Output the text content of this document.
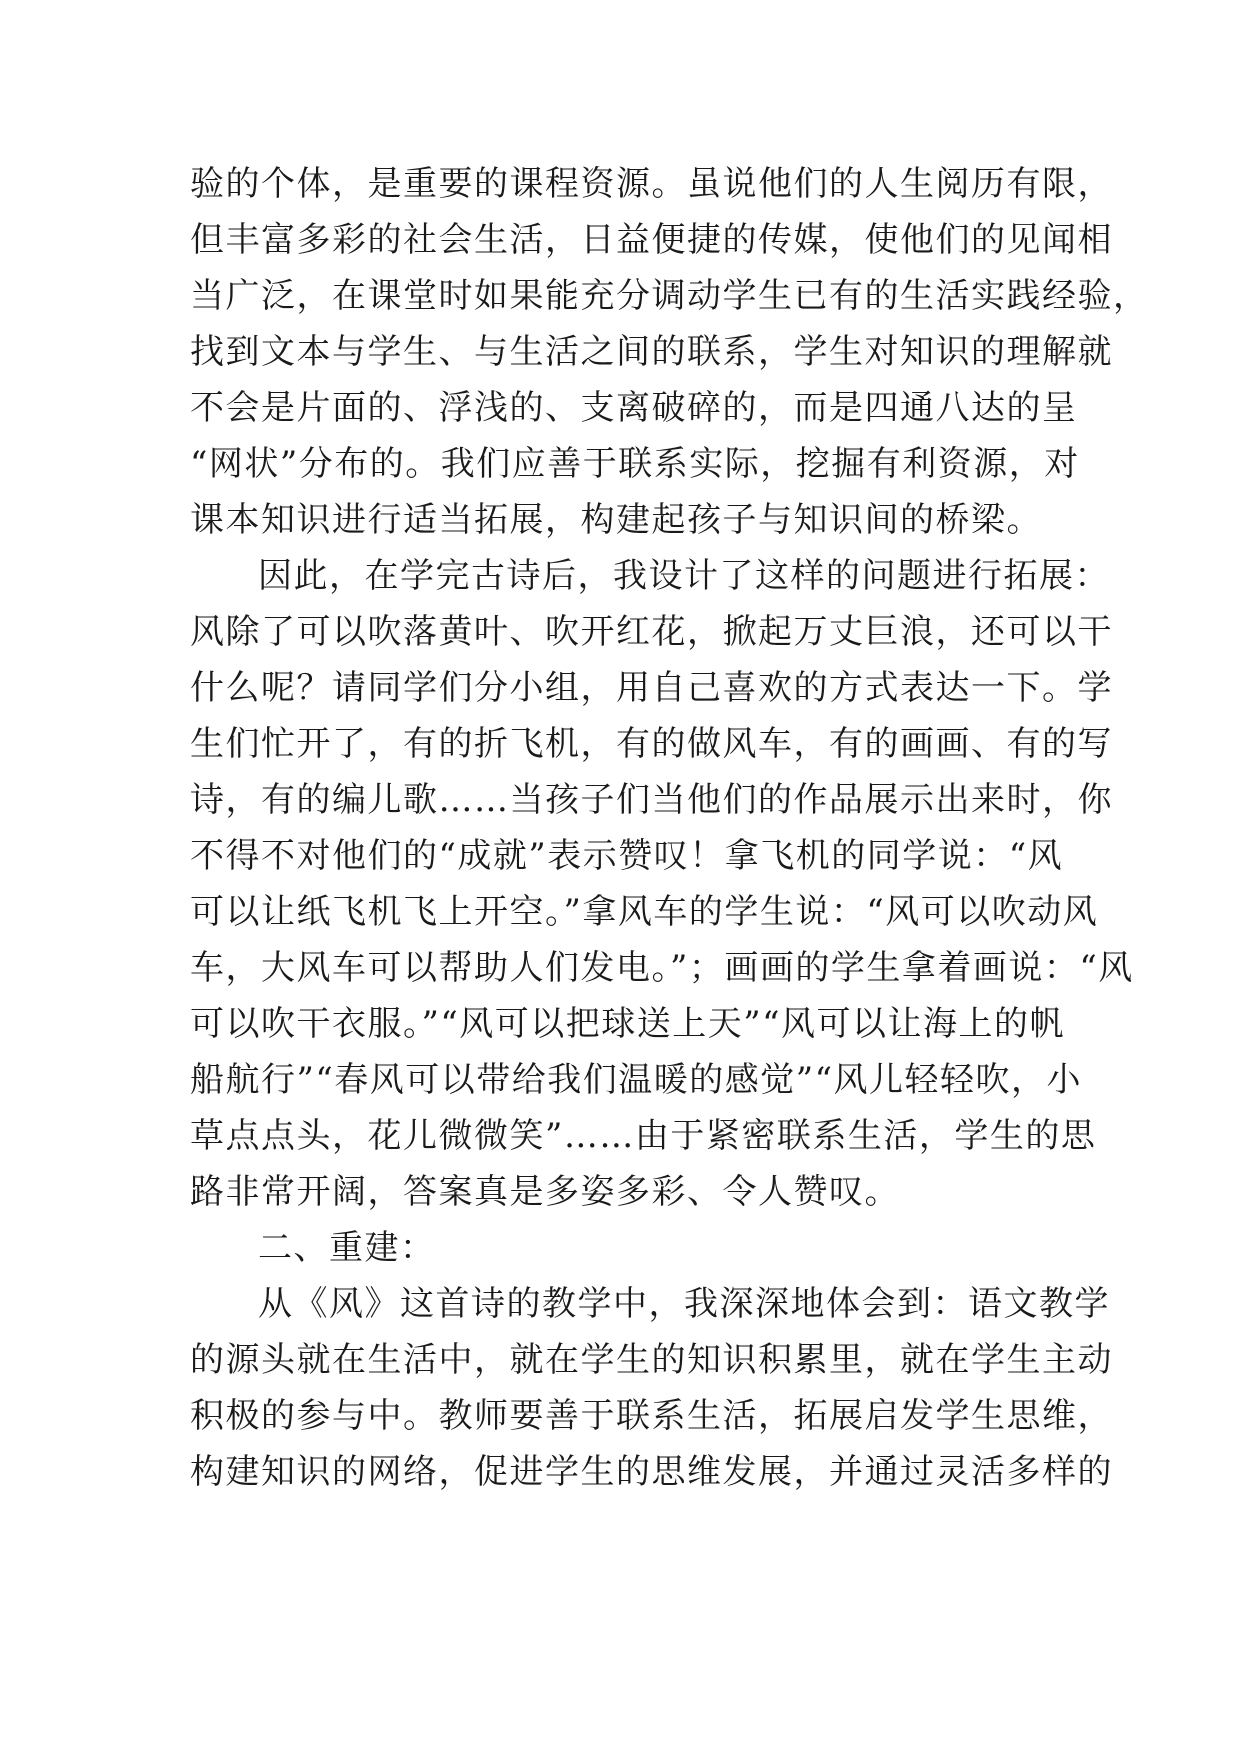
验的个体，是重要的课程资源。虽说他们的人生阅历有限，
但丰富多彩的社会生活，日益便捷的传媒，使他们的见闻相
当广泛，在课堂时如果能充分调动学生已有的生活实践经验，
找到文本与学生、与生活之间的联系，学生对知识的理解就
不会是片面的、浮浅的、支离破碎的，而是四通八达的呈
“网状”分布的。我们应善于联系实际，挖掘有利资源，对
课本知识进行适当拓展，构建起孩子与知识间的桥梁。
因此，在学完古诗后，我设计了这样的问题进行拓展：
风除了可以吹落黄叶、吹开红花，掀起万丈巨浪，还可以干
什么呢？请同学们分小组，用自己喜欢的方式表达一下。学
生们忙开了，有的折飞机，有的做风车，有的画画、有的写
诗，有的编儿歌……当孩子们当他们的作品展示出来时，你
不得不对他们的“成就”表示赞叹！拿飞机的同学说：“风
可以让纸飞机飞上开空。”拿风车的学生说：“风可以吹动风
车，大风车可以帮助人们发电。”；画画的学生拿着画说：“风
可以吹干衣服。”“风可以把球送上天”“风可以让海上的帆
船航行”“春风可以带给我们温暖的感觉”“风儿轻轻吹，小
草点点头，花儿微微笑”……由于紧密联系生活，学生的思
路非常开阔，答案真是多姿多彩、令人赞叹。
二、重建：
从《风》这首诗的教学中，我深深地体会到：语文教学
的源头就在生活中，就在学生的知识积累里，就在学生主动
积极的参与中。教师要善于联系生活，拓展启发学生思维，
构建知识的网络，促进学生的思维发展，并通过灵活多样的
